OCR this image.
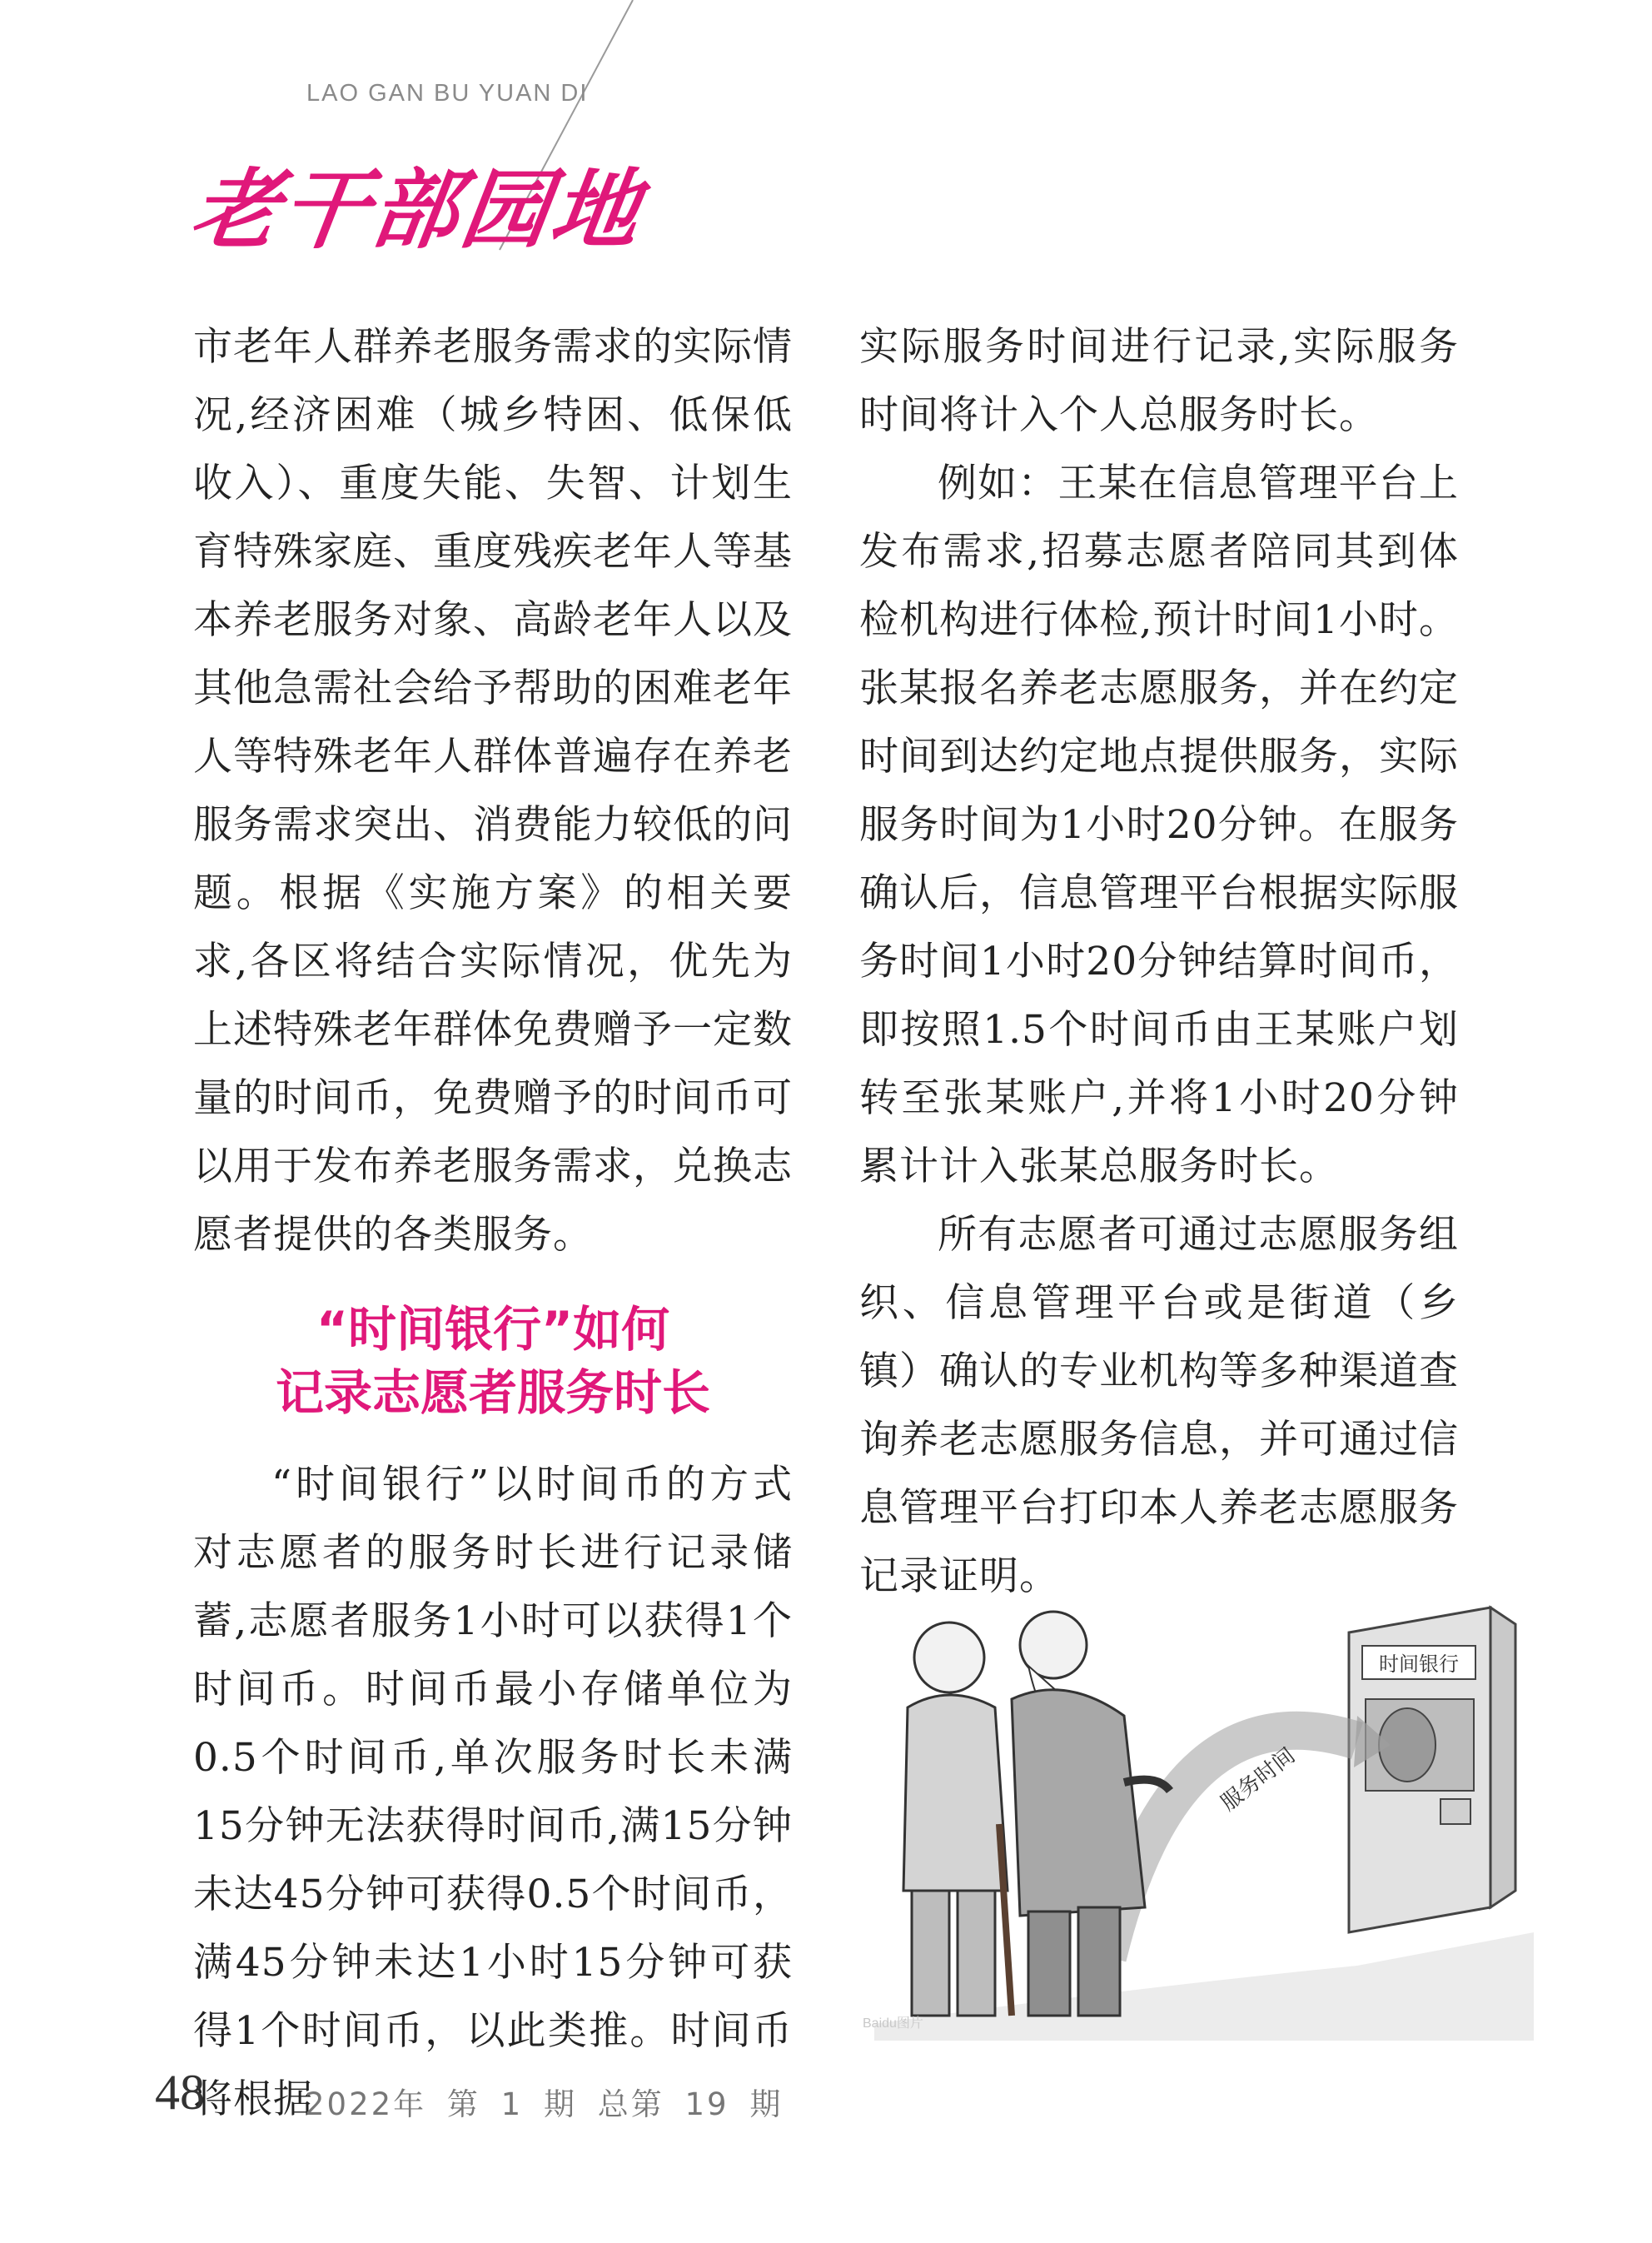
LAO GAN BU YUAN DI
老干部园地

市老年人群养老服务需求的实际情况,经济困难（城乡特困、低保低收入）、重度失能、失智、计划生育特殊家庭、重度残疾老年人等基本养老服务对象、高龄老年人以及其他急需社会给予帮助的困难老年人等特殊老年人群体普遍存在养老服务需求突出、消费能力较低的问题。根据《实施方案》的相关要求,各区将结合实际情况，优先为上述特殊老年群体免费赠予一定数量的时间币，免费赠予的时间币可以用于发布养老服务需求，兑换志愿者提供的各类服务。

“时间银行”如何
记录志愿者服务时长

“时间银行”以时间币的方式对志愿者的服务时长进行记录储蓄,志愿者服务1小时可以获得1个时间币。时间币最小存储单位为0.5个时间币,单次服务时长未满15分钟无法获得时间币,满15分钟未达45分钟可获得0.5个时间币，满45分钟未达1小时15分钟可获得1个时间币，以此类推。时间币将根据

实际服务时间进行记录,实际服务时间将计入个人总服务时长。

例如：王某在信息管理平台上发布需求,招募志愿者陪同其到体检机构进行体检,预计时间1小时。张某报名养老志愿服务，并在约定时间到达约定地点提供服务，实际服务时间为1小时20分钟。在服务确认后，信息管理平台根据实际服务时间1小时20分钟结算时间币，即按照1.5个时间币由王某账户划转至张某账户,并将1小时20分钟累计计入张某总服务时长。

所有志愿者可通过志愿服务组织、信息管理平台或是街道（乡镇）确认的专业机构等多种渠道查询养老志愿服务信息，并可通过信息管理平台打印本人养老志愿服务记录证明。

时间银行
服务时间
Baidu图片
48	2022年 第 1 期 总第 19 期
